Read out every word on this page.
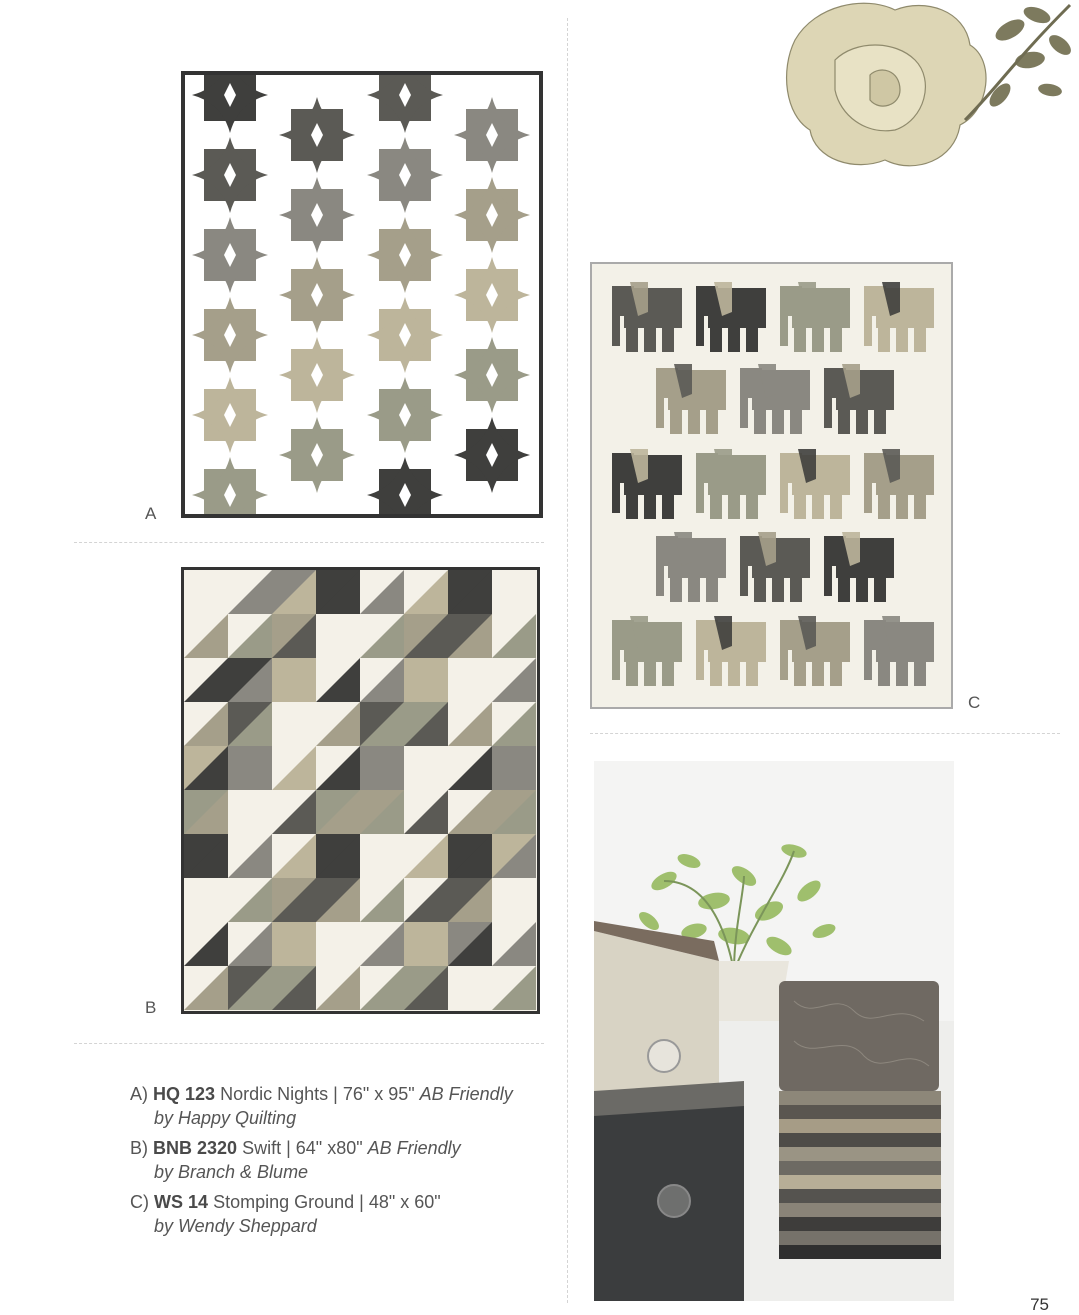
A
B
C
A) HQ 123 Nordic Nights | 76" x 95" AB Friendly
by Happy Quilting
B) BNB 2320 Swift | 64" x80" AB Friendly
by Branch & Blume
C) WS 14 Stomping Ground | 48" x 60"
by Wendy Sheppard
75
